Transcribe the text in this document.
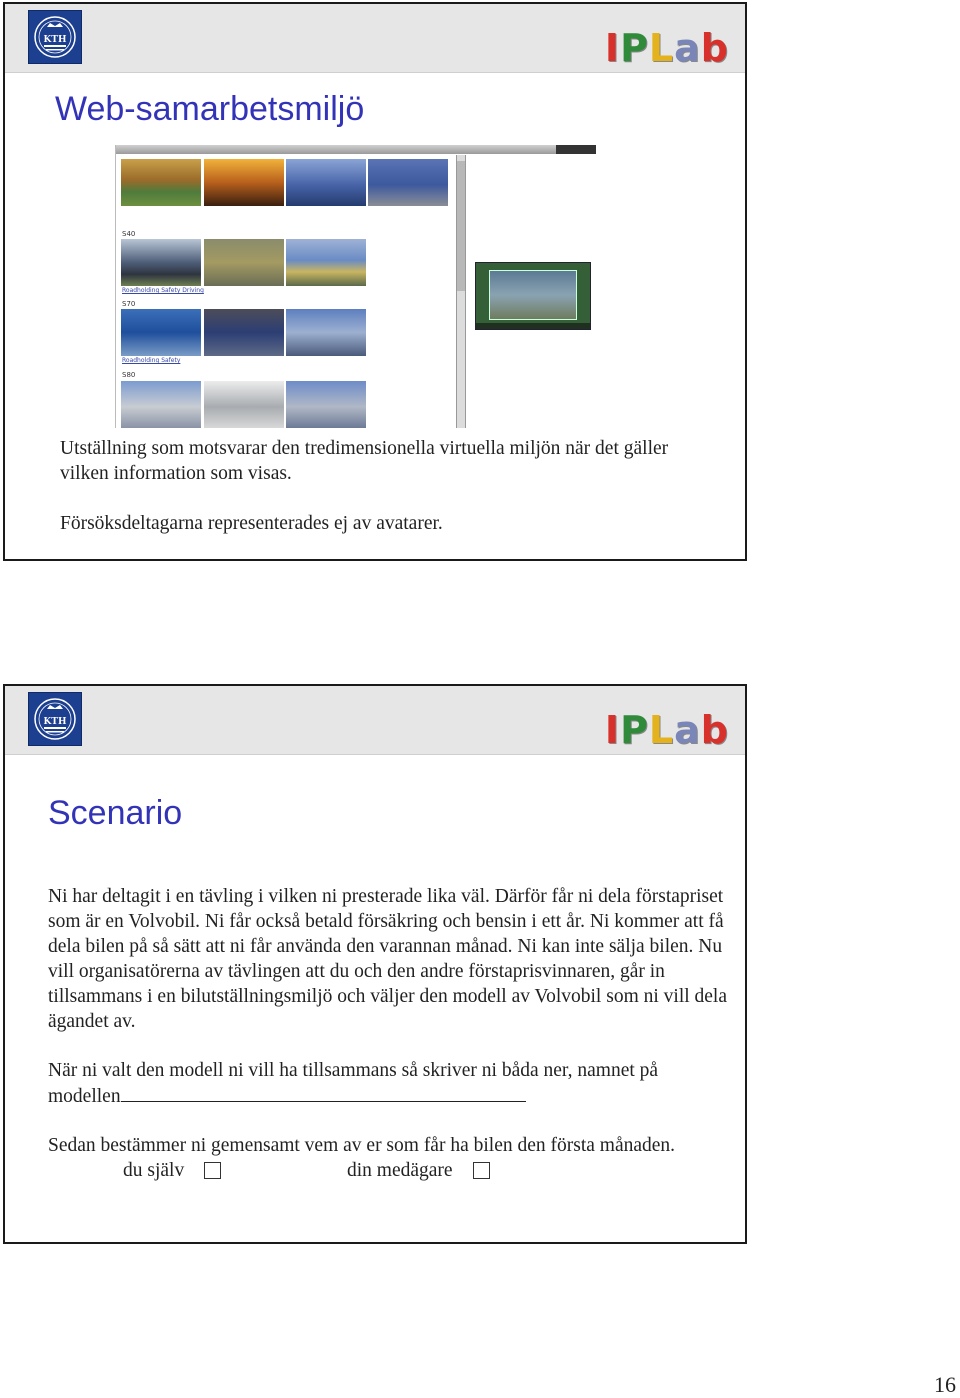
KTH	IPLab
Web-samarbetsmiljö
S40
Roadholding Safety Driving
S70
Roadholding Safety
S80

Utställning som motsvarar den tredimensionella virtuella miljön när det gäller vilken information som visas.

Försöksdeltagarna representerades ej av avatarer.

KTH	IPLab
Scenario

Ni har deltagit i en tävling i vilken ni presterade lika väl. Därför får ni dela förstapriset som är en Volvobil. Ni får också betald försäkring och bensin i ett år. Ni kommer att få dela bilen på så sätt att ni får använda den varannan månad. Ni kan inte sälja bilen. Nu vill organisatörerna av tävlingen att du och den andre förstaprisvinnaren, går in tillsammans i en bilutställningsmiljö och väljer den modell av Volvobil som ni vill dela ägandet av.

När ni valt den modell ni vill ha tillsammans så skriver ni båda ner, namnet på
modellen

Sedan bestämmer ni gemensamt vem av er som får ha bilen den första månaden.

du själv	din medägare

16
